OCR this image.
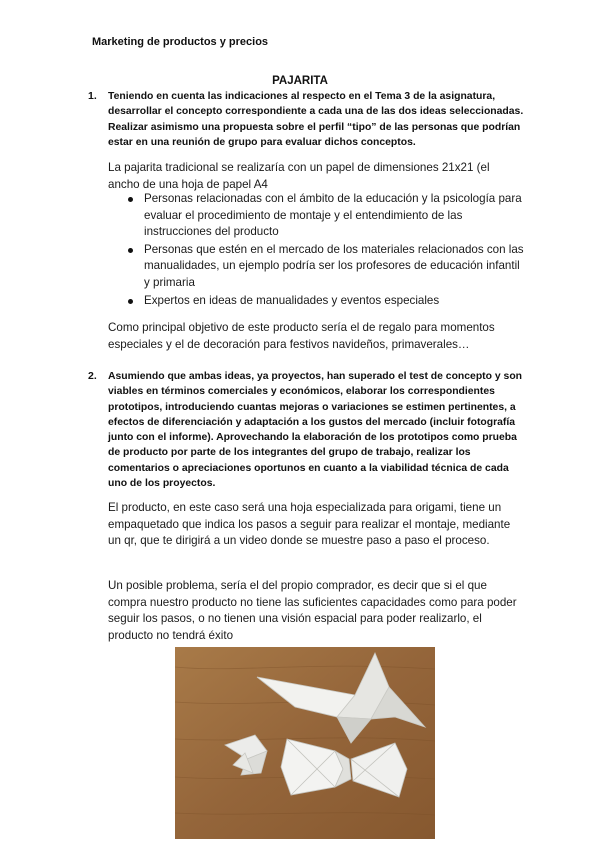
Marketing de productos y precios
PAJARITA
1. Teniendo en cuenta las indicaciones al respecto en el Tema 3 de la asignatura, desarrollar el concepto correspondiente a cada una de las dos ideas seleccionadas. Realizar asimismo una propuesta sobre el perfil “tipo” de las personas que podrían estar en una reunión de grupo para evaluar dichos conceptos.
La pajarita tradicional se realizaría con un papel de dimensiones 21x21 (el ancho de una hoja de papel A4
Personas relacionadas con el ámbito de la educación y la psicología para evaluar el procedimiento de montaje y el entendimiento de las instrucciones del producto
Personas que estén en el mercado de los materiales relacionados con las manualidades, un ejemplo podría ser los profesores de educación infantil y primaria
Expertos en ideas de manualidades y eventos especiales
Como principal objetivo de este producto sería el de regalo para momentos especiales y el de decoración para festivos navideños, primaverales…
2. Asumiendo que ambas ideas, ya proyectos, han superado el test de concepto y son viables en términos comerciales y económicos, elaborar los correspondientes prototipos, introduciendo cuantas mejoras o variaciones se estimen pertinentes, a efectos de diferenciación y adaptación a los gustos del mercado (incluir fotografía junto con el informe). Aprovechando la elaboración de los prototipos como prueba de producto por parte de los integrantes del grupo de trabajo, realizar los comentarios o apreciaciones oportunos en cuanto a la viabilidad técnica de cada uno de los proyectos.
El producto, en este caso será una hoja especializada para origami, tiene un empaquetado que indica los pasos a seguir para realizar el montaje, mediante un qr, que te dirigirá a un video donde se muestre paso a paso el proceso.
Un posible problema, sería el del propio comprador, es decir que si el que compra nuestro producto no tiene las suficientes capacidades como para poder seguir los pasos, o no tienen una visión espacial para poder realizarlo, el producto no tendrá éxito
